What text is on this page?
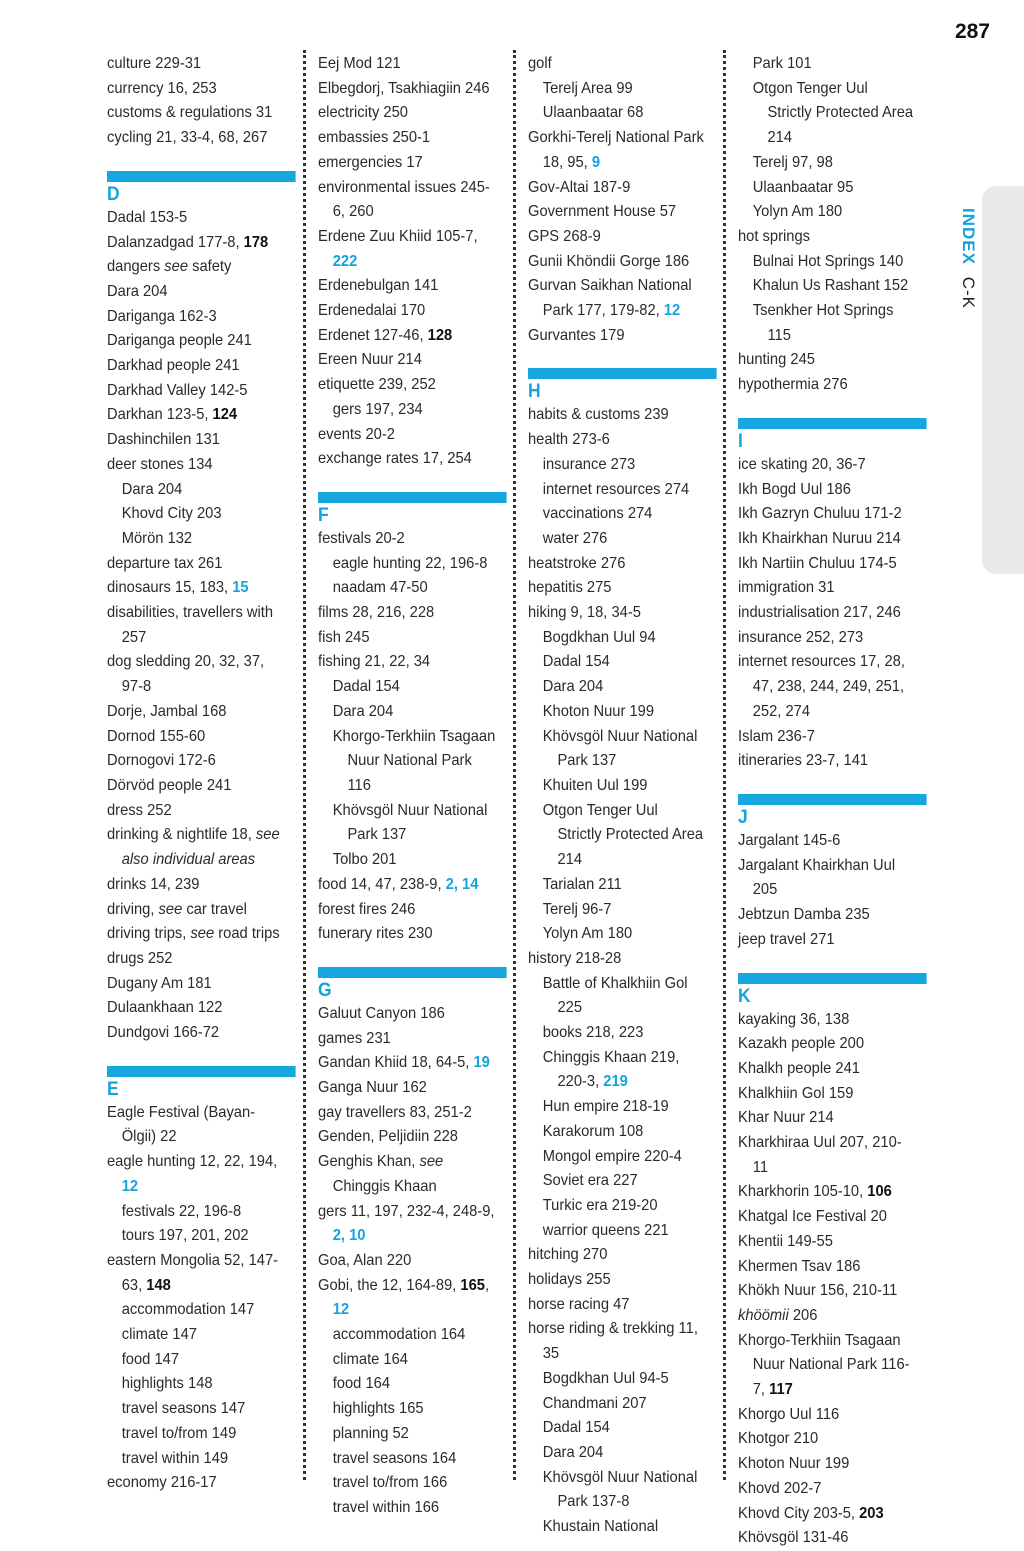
287
INDEX C-K
culture 229-31
currency 16, 253
customs & regulations 31
cycling 21, 33-4, 68, 267
D
Dadal 153-5
Dalanzadgad 177-8, 178
dangers see safety
Dara 204
Dariganga 162-3
Dariganga people 241
Darkhad people 241
Darkhad Valley 142-5
Darkhan 123-5, 124
Dashinchilen 131
deer stones 134
Dara 204
Khovd City 203
Mörön 132
departure tax 261
dinosaurs 15, 183, 15
disabilities, travellers with 257
dog sledding 20, 32, 37, 97-8
Dorje, Jambal 168
Dornod 155-60
Dornogovi 172-6
Dörvöd people 241
dress 252
drinking & nightlife 18, see also individual areas
drinks 14, 239
driving, see car travel
driving trips, see road trips
drugs 252
Dugany Am 181
Dulaankhaan 122
Dundgovi 166-72
E
Eagle Festival (Bayan-Ölgii) 22
eagle hunting 12, 22, 194, 12
festivals 22, 196-8
tours 197, 201, 202
eastern Mongolia 52, 147-63, 148
accommodation 147
climate 147
food 147
highlights 148
travel seasons 147
travel to/from 149
travel within 149
economy 216-17
Eej Mod 121
Elbegdorj, Tsakhiagiin 246
electricity 250
embassies 250-1
emergencies 17
environmental issues 245-6, 260
Erdene Zuu Khiid 105-7, 222
Erdenebulgan 141
Erdenedalai 170
Erdenet 127-46, 128
Ereen Nuur 214
etiquette 239, 252
gers 197, 234
events 20-2
exchange rates 17, 254
F
festivals 20-2
eagle hunting 22, 196-8
naadam 47-50
films 28, 216, 228
fish 245
fishing 21, 22, 34
Dadal 154
Dara 204
Khorgo-Terkhiin Tsagaan Nuur National Park 116
Khövsgöl Nuur National Park 137
Tolbo 201
food 14, 47, 238-9, 2, 14
forest fires 246
funerary rites 230
G
Galuut Canyon 186
games 231
Gandan Khiid 18, 64-5, 19
Ganga Nuur 162
gay travellers 83, 251-2
Genden, Peljidiin 228
Genghis Khan, see Chinggis Khaan
gers 11, 197, 232-4, 248-9, 2, 10
Goa, Alan 220
Gobi, the 12, 164-89, 165, 12
accommodation 164
climate 164
food 164
highlights 165
planning 52
travel seasons 164
travel to/from 166
travel within 166
golf
Terelj Area 99
Ulaanbaatar 68
Gorkhi-Terelj National Park 18, 95, 9
Gov-Altai 187-9
Government House 57
GPS 268-9
Gunii Khöndii Gorge 186
Gurvan Saikhan National Park 177, 179-82, 12
Gurvantes 179
H
habits & customs 239
health 273-6
insurance 273
internet resources 274
vaccinations 274
water 276
heatstroke 276
hepatitis 275
hiking 9, 18, 34-5
Bogdkhan Uul 94
Dadal 154
Dara 204
Khoton Nuur 199
Khövsgöl Nuur National Park 137
Khuiten Uul 199
Otgon Tenger Uul Strictly Protected Area 214
Tarialan 211
Terelj 96-7
Yolyn Am 180
history 218-28
Battle of Khalkhiin Gol 225
books 218, 223
Chinggis Khaan 219, 220-3, 219
Hun empire 218-19
Karakorum 108
Mongol empire 220-4
Soviet era 227
Turkic era 219-20
warrior queens 221
hitching 270
holidays 255
horse racing 47
horse riding & trekking 11, 35
Bogdkhan Uul 94-5
Chandmani 207
Dadal 154
Dara 204
Khövsgöl Nuur National Park 137-8
Khustain National
Park 101
Otgon Tenger Uul Strictly Protected Area 214
Terelj 97, 98
Ulaanbaatar 95
Yolyn Am 180
hot springs
Bulnai Hot Springs 140
Khalun Us Rashant 152
Tsenkher Hot Springs 115
hunting 245
hypothermia 276
I
ice skating 20, 36-7
Ikh Bogd Uul 186
Ikh Gazryn Chuluu 171-2
Ikh Khairkhan Nuruu 214
Ikh Nartiin Chuluu 174-5
immigration 31
industrialisation 217, 246
insurance 252, 273
internet resources 17, 28, 47, 238, 244, 249, 251, 252, 274
Islam 236-7
itineraries 23-7, 141
J
Jargalant 145-6
Jargalant Khairkhan Uul 205
Jebtzun Damba 235
jeep travel 271
K
kayaking 36, 138
Kazakh people 200
Khalkh people 241
Khalkhiin Gol 159
Khar Nuur 214
Kharkhiraa Uul 207, 210-11
Kharkhorin 105-10, 106
Khatgal Ice Festival 20
Khentii 149-55
Khermen Tsav 186
Khökh Nuur 156, 210-11
khöömii 206
Khorgo-Terkhiin Tsagaan Nuur National Park 116-7, 117
Khorgo Uul 116
Khotgor 210
Khoton Nuur 199
Khovd 202-7
Khovd City 203-5, 203
Khövsgöl 131-46
